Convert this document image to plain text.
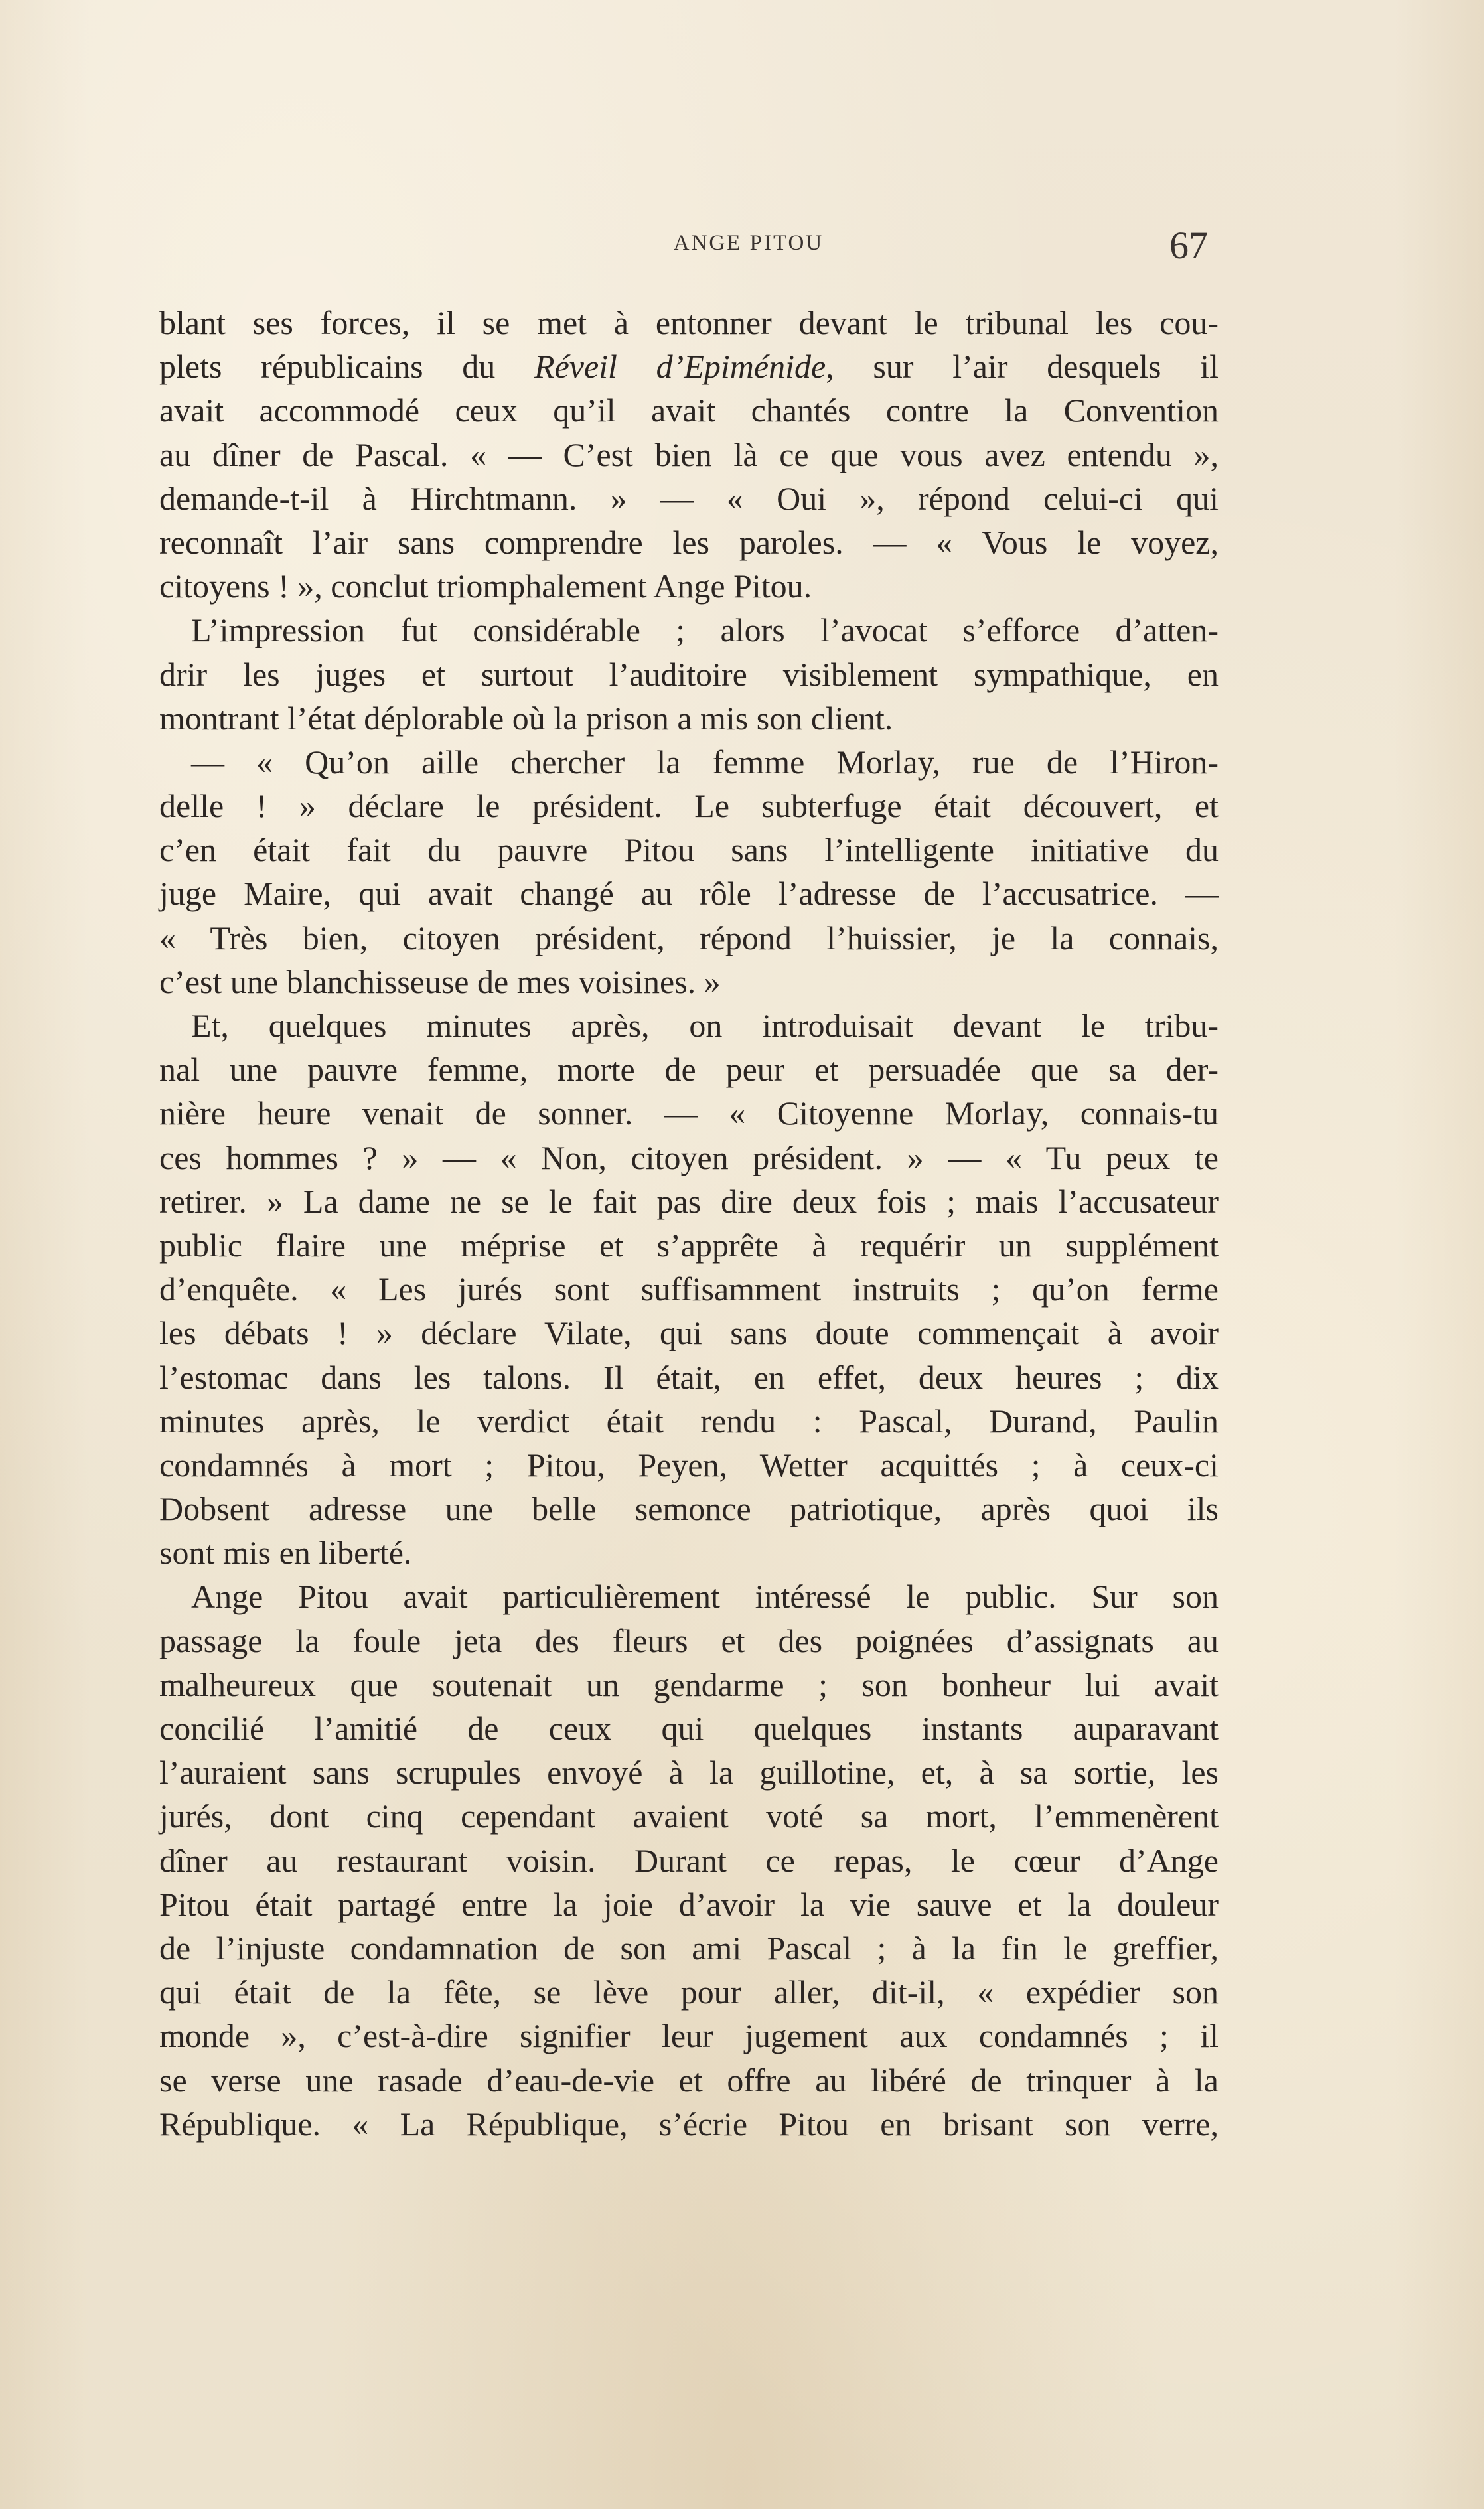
ANGE PITOU	67
blant ses forces, il se met à entonner devant le tribunal les cou-
plets républicains du Réveil d’Epiménide, sur l’air desquels il
avait accommodé ceux qu’il avait chantés contre la Convention
au dîner de Pascal. « — C’est bien là ce que vous avez entendu »,
demande-t-il à Hirchtmann. » — « Oui », répond celui-ci qui
reconnaît l’air sans comprendre les paroles. — « Vous le voyez,
citoyens ! », conclut triomphalement Ange Pitou.
L’impression fut considérable ; alors l’avocat s’efforce d’atten-
drir les juges et surtout l’auditoire visiblement sympathique, en
montrant l’état déplorable où la prison a mis son client.
— « Qu’on aille chercher la femme Morlay, rue de l’Hiron-
delle ! » déclare le président. Le subterfuge était découvert, et
c’en était fait du pauvre Pitou sans l’intelligente initiative du
juge Maire, qui avait changé au rôle l’adresse de l’accusatrice. —
« Très bien, citoyen président, répond l’huissier, je la connais,
c’est une blanchisseuse de mes voisines. »
Et, quelques minutes après, on introduisait devant le tribu-
nal une pauvre femme, morte de peur et persuadée que sa der-
nière heure venait de sonner. — « Citoyenne Morlay, connais-tu
ces hommes ? » — « Non, citoyen président. » — « Tu peux te
retirer. » La dame ne se le fait pas dire deux fois ; mais l’accusateur
public flaire une méprise et s’apprête à requérir un supplément
d’enquête. « Les jurés sont suffisamment instruits ; qu’on ferme
les débats ! » déclare Vilate, qui sans doute commençait à avoir
l’estomac dans les talons. Il était, en effet, deux heures ; dix
minutes après, le verdict était rendu : Pascal, Durand, Paulin
condamnés à mort ; Pitou, Peyen, Wetter acquittés ; à ceux-ci
Dobsent adresse une belle semonce patriotique, après quoi ils
sont mis en liberté.
Ange Pitou avait particulièrement intéressé le public. Sur son
passage la foule jeta des fleurs et des poignées d’assignats au
malheureux que soutenait un gendarme ; son bonheur lui avait
concilié l’amitié de ceux qui quelques instants auparavant
l’auraient sans scrupules envoyé à la guillotine, et, à sa sortie, les
jurés, dont cinq cependant avaient voté sa mort, l’emmenèrent
dîner au restaurant voisin. Durant ce repas, le cœur d’Ange
Pitou était partagé entre la joie d’avoir la vie sauve et la douleur
de l’injuste condamnation de son ami Pascal ; à la fin le greffier,
qui était de la fête, se lève pour aller, dit-il, « expédier son
monde », c’est-à-dire signifier leur jugement aux condamnés ; il
se verse une rasade d’eau-de-vie et offre au libéré de trinquer à la
République. « La République, s’écrie Pitou en brisant son verre,
